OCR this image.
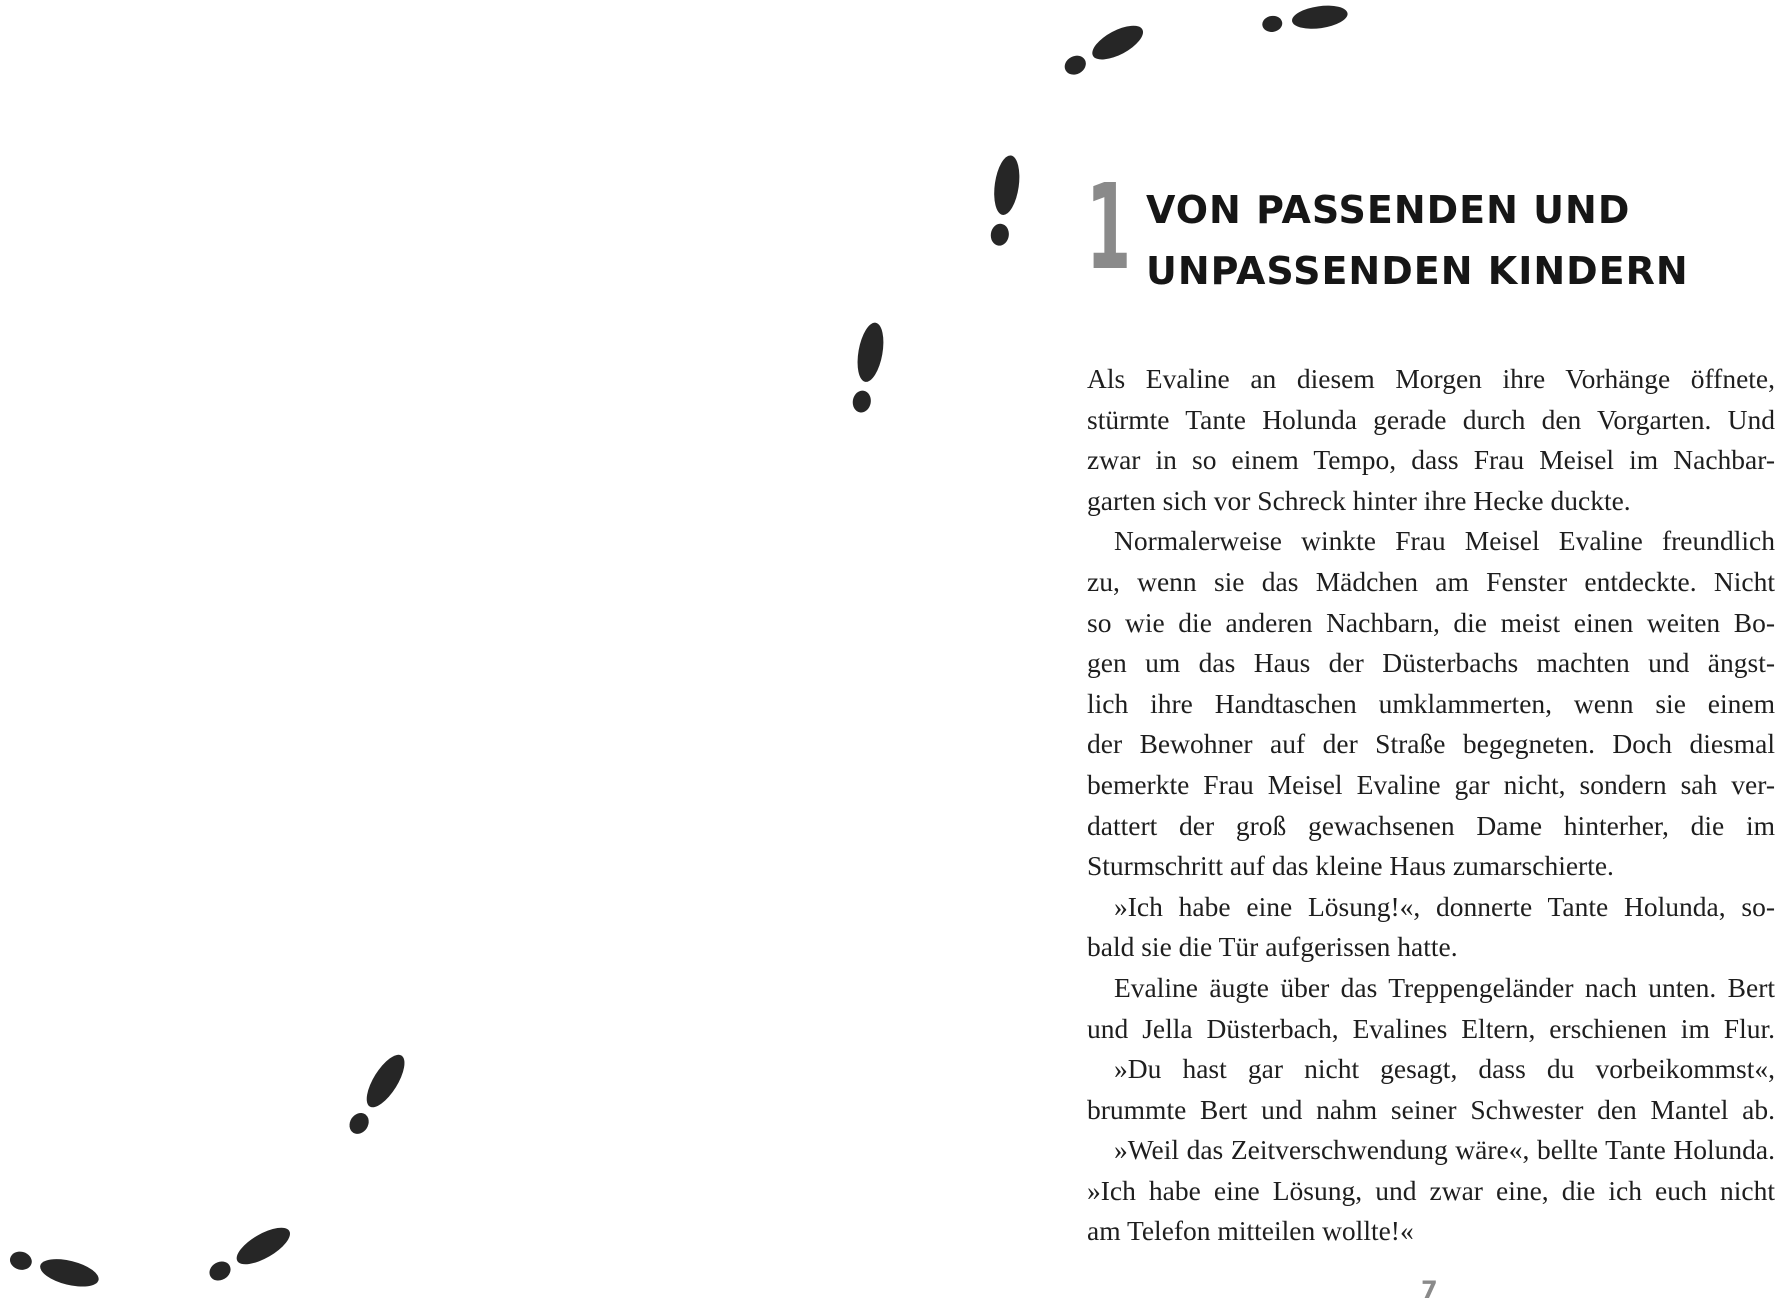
1 VON PASSENDEN UND
UNPASSENDEN KINDERN
Als Evaline an diesem Morgen ihre Vorhänge öffnete,
stürmte Tante Holunda gerade durch den Vorgarten. Und
zwar in so einem Tempo, dass Frau Meisel im Nachbar-
garten sich vor Schreck hinter ihre Hecke duckte.
Normalerweise winkte Frau Meisel Evaline freundlich
zu, wenn sie das Mädchen am Fenster entdeckte. Nicht
so wie die anderen Nachbarn, die meist einen weiten Bo-
gen um das Haus der Düsterbachs machten und ängst-
lich ihre Handtaschen umklammerten, wenn sie einem
der Bewohner auf der Straße begegneten. Doch diesmal
bemerkte Frau Meisel Evaline gar nicht, sondern sah ver-
dattert der groß gewachsenen Dame hinterher, die im
Sturmschritt auf das kleine Haus zumarschierte.
»Ich habe eine Lösung!«, donnerte Tante Holunda, so-
bald sie die Tür aufgerissen hatte.
Evaline äugte über das Treppengeländer nach unten. Bert
und Jella Düsterbach, Evalines Eltern, erschienen im Flur.
»Du hast gar nicht gesagt, dass du vorbeikommst«,
brummte Bert und nahm seiner Schwester den Mantel ab.
»Weil das Zeitverschwendung wäre«, bellte Tante Holunda.
»Ich habe eine Lösung, und zwar eine, die ich euch nicht
am Telefon mitteilen wollte!«
7
